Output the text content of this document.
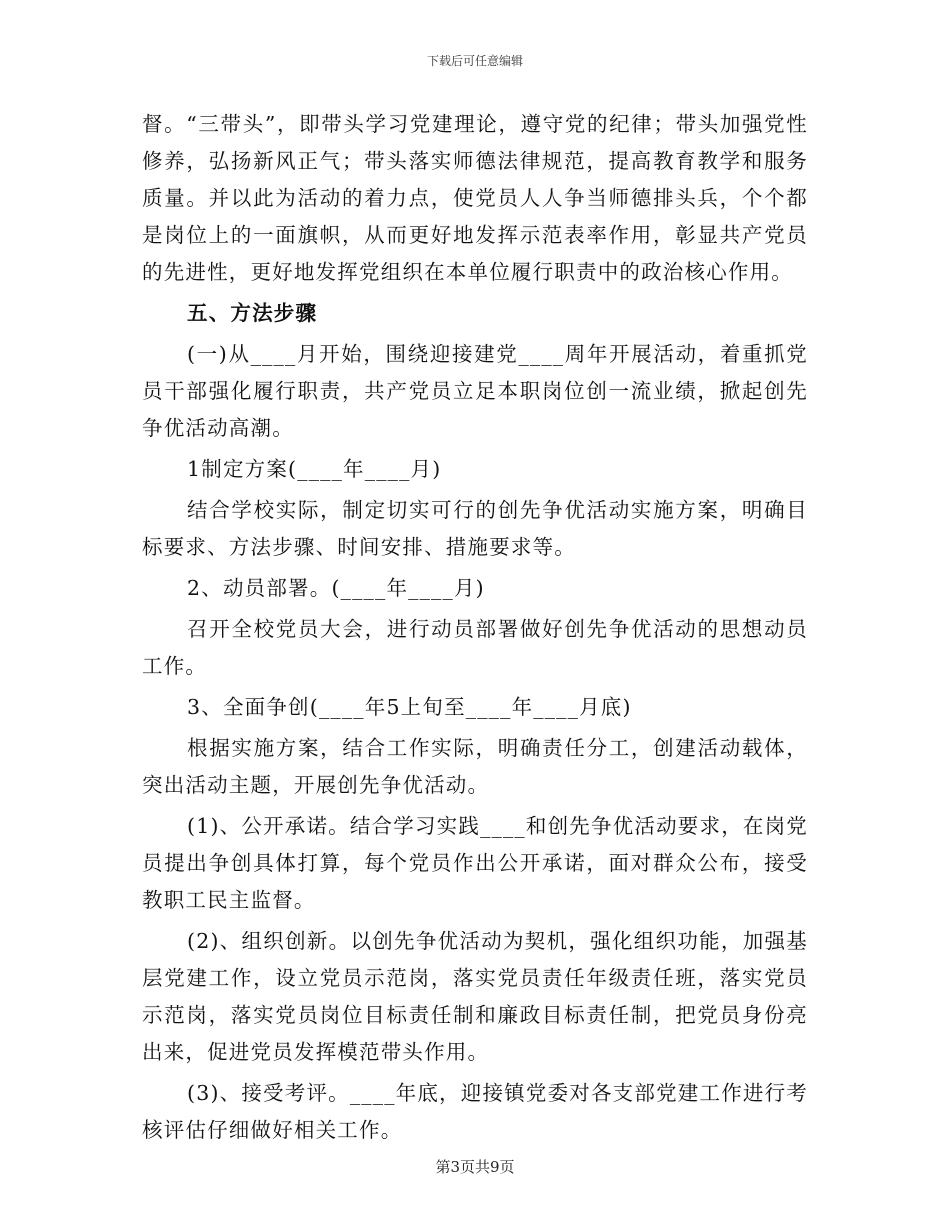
下载后可任意编辑

督。“三带头”，即带头学习党建理论，遵守党的纪律；带头加强党性修养，弘扬新风正气；带头落实师德法律规范，提高教育教学和服务质量。并以此为活动的着力点，使党员人人争当师德排头兵，个个都是岗位上的一面旗帜，从而更好地发挥示范表率作用，彰显共产党员的先进性，更好地发挥党组织在本单位履行职责中的政治核心作用。

五、方法步骤

(一)从____月开始，围绕迎接建党____周年开展活动，着重抓党员干部强化履行职责，共产党员立足本职岗位创一流业绩，掀起创先争优活动高潮。

1制定方案(____年____月)

结合学校实际，制定切实可行的创先争优活动实施方案，明确目标要求、方法步骤、时间安排、措施要求等。

2、动员部署。(____年____月)

召开全校党员大会，进行动员部署做好创先争优活动的思想动员工作。

3、全面争创(____年5上旬至____年____月底)

根据实施方案，结合工作实际，明确责任分工，创建活动载体，突出活动主题，开展创先争优活动。

(1)、公开承诺。结合学习实践____和创先争优活动要求，在岗党员提出争创具体打算，每个党员作出公开承诺，面对群众公布，接受教职工民主监督。

(2)、组织创新。以创先争优活动为契机，强化组织功能，加强基层党建工作，设立党员示范岗，落实党员责任年级责任班，落实党员示范岗，落实党员岗位目标责任制和廉政目标责任制，把党员身份亮出来，促进党员发挥模范带头作用。

(3)、接受考评。____年底，迎接镇党委对各支部党建工作进行考核评估仔细做好相关工作。

第3页共9页
